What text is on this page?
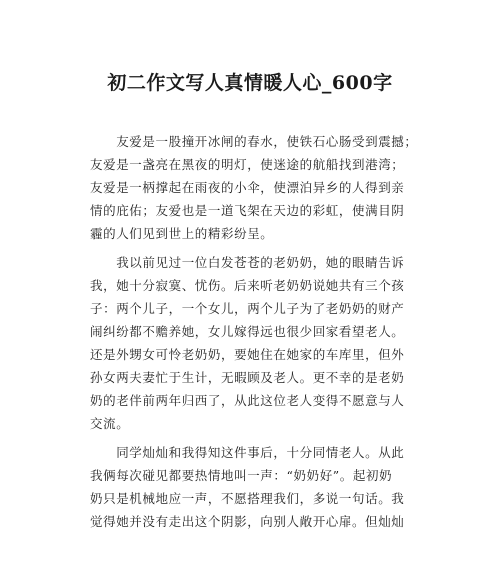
初二作文写人真情暖人心_600字
　　友爱是一股撞开冰闸的春水，使铁石心肠受到震撼；
友爱是一盏亮在黑夜的明灯，使迷途的航船找到港湾；
友爱是一柄撑起在雨夜的小伞，使漂泊异乡的人得到亲
情的庇佑；友爱也是一道飞架在天边的彩虹，使满目阴
霾的人们见到世上的精彩纷呈。
　　我以前见过一位白发苍苍的老奶奶，她的眼睛告诉
我，她十分寂寞、忧伤。后来听老奶奶说她共有三个孩
子：两个儿子，一个女儿，两个儿子为了老奶奶的财产
闹纠纷都不赡养她，女儿嫁得远也很少回家看望老人。
还是外甥女可怜老奶奶，要她住在她家的车库里，但外
孙女两夫妻忙于生计，无暇顾及老人。更不幸的是老奶
奶的老伴前两年归西了，从此这位老人变得不愿意与人
交流。
　　同学灿灿和我得知这件事后，十分同情老人。从此
我俩每次碰见都要热情地叫一声：“奶奶好”。起初奶
奶只是机械地应一声，不愿搭理我们，多说一句话。我
觉得她并没有走出这个阴影，向别人敞开心扉。但灿灿
